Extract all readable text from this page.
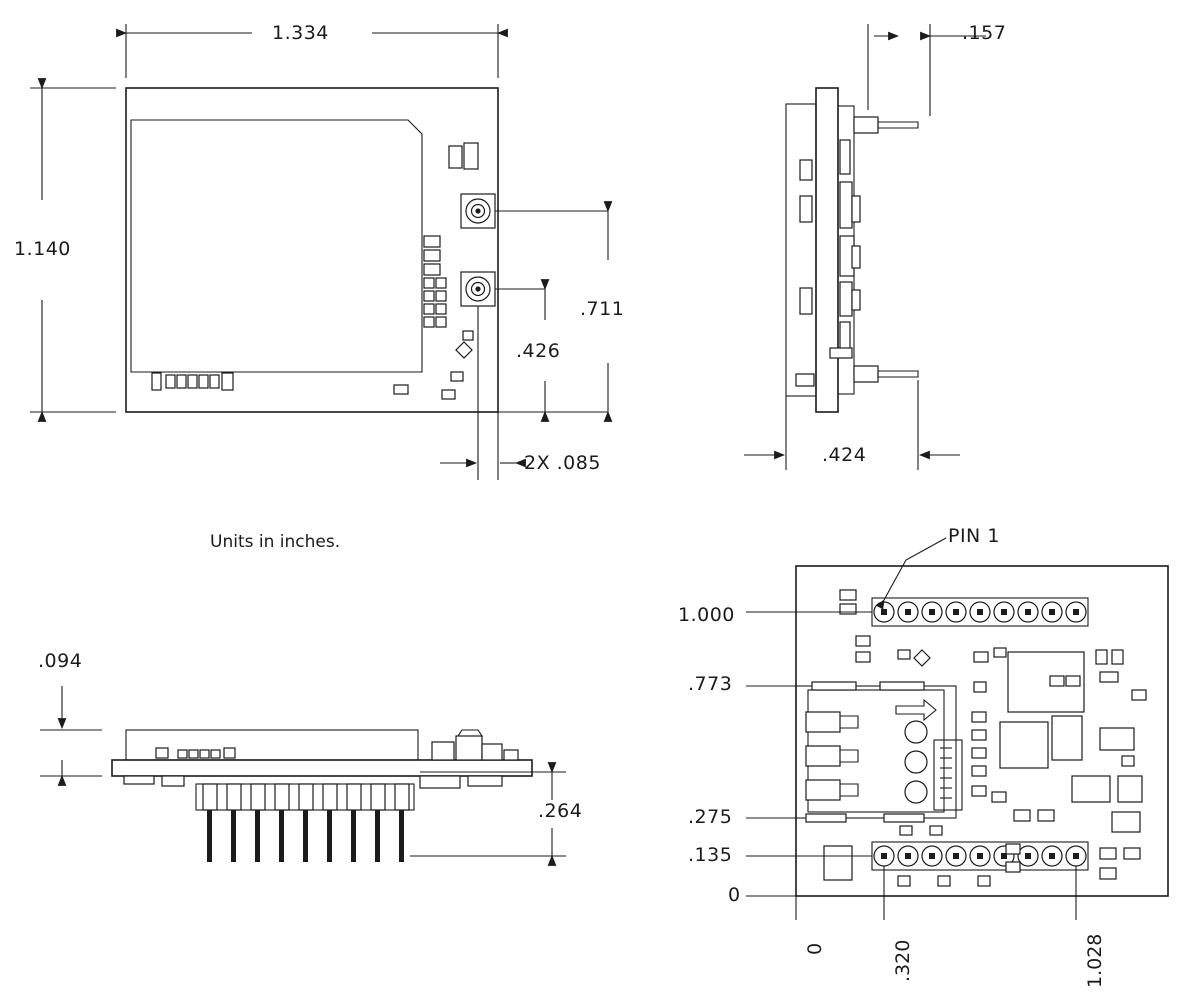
1.334
1.140
.711
.426
2X .085
.157
.424
.094
.264
Units in inches.	PIN 1
1.000
.773
.275
.135
0
0	.320	1.028
